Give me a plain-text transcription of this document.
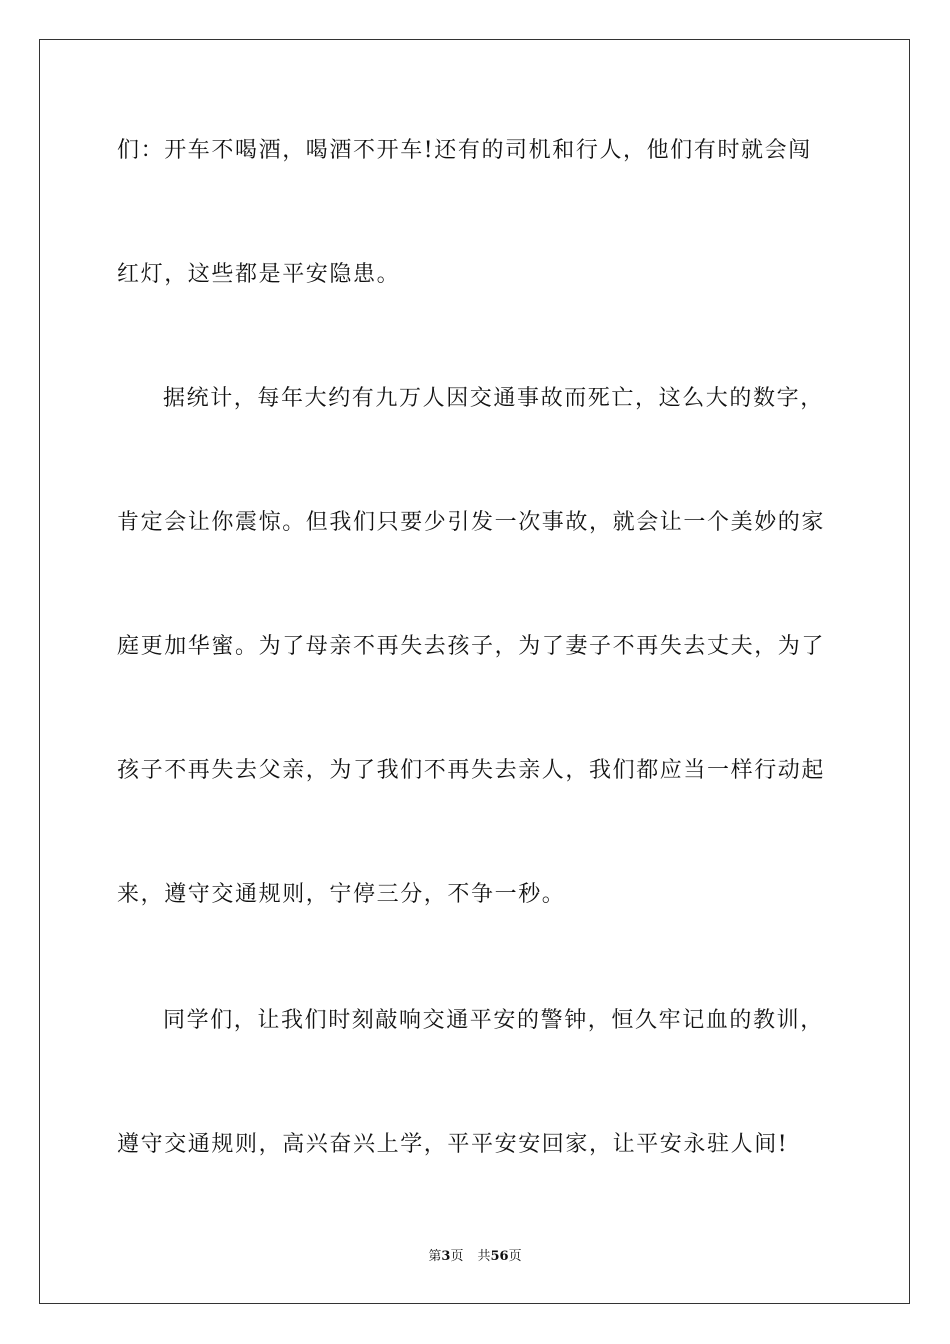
们：开车不喝酒，喝酒不开车!还有的司机和行人，他们有时就会闯
红灯，这些都是平安隐患。
据统计，每年大约有九万人因交通事故而死亡，这么大的数字，
肯定会让你震惊。但我们只要少引发一次事故，就会让一个美妙的家
庭更加华蜜。为了母亲不再失去孩子，为了妻子不再失去丈夫，为了
孩子不再失去父亲，为了我们不再失去亲人，我们都应当一样行动起
来，遵守交通规则，宁停三分，不争一秒。
同学们，让我们时刻敲响交通平安的警钟，恒久牢记血的教训，
遵守交通规则，高兴奋兴上学，平平安安回家，让平安永驻人间!
第3页 共56页
